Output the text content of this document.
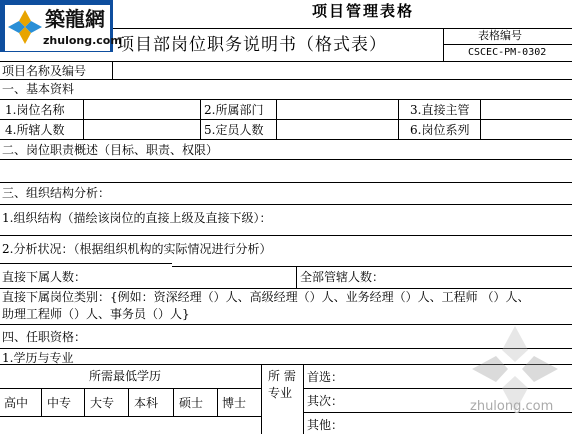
项目管理表格
築龍網
zhulong.com
项目部岗位职务说明书（格式表）	表格编号
CSCEC-PM-0302
项目名称及编号
一、基本资料
1.岗位名称	2.所属部门	3.直接主管
4.所辖人数	5.定员人数	6.岗位系列
二、岗位职责概述（目标、职责、权限）
三、组织结构分析：
1.组织结构（描绘该岗位的直接上级及直接下级）：
2.分析状况：（根据组织机构的实际情况进行分析）
直接下属人数：	全部管辖人数：
直接下属岗位类别：{例如：资深经理（）人、高级经理（）人、业务经理（）人、工程师 （）人、
助理工程师（）人、事务员（）人}
四、任职资格：
1.学历与专业
所需最低学历
高中 中专 大专 本科 硕士 博士
所 需
专业
首选：
其次：
其他：
zhulong.com
